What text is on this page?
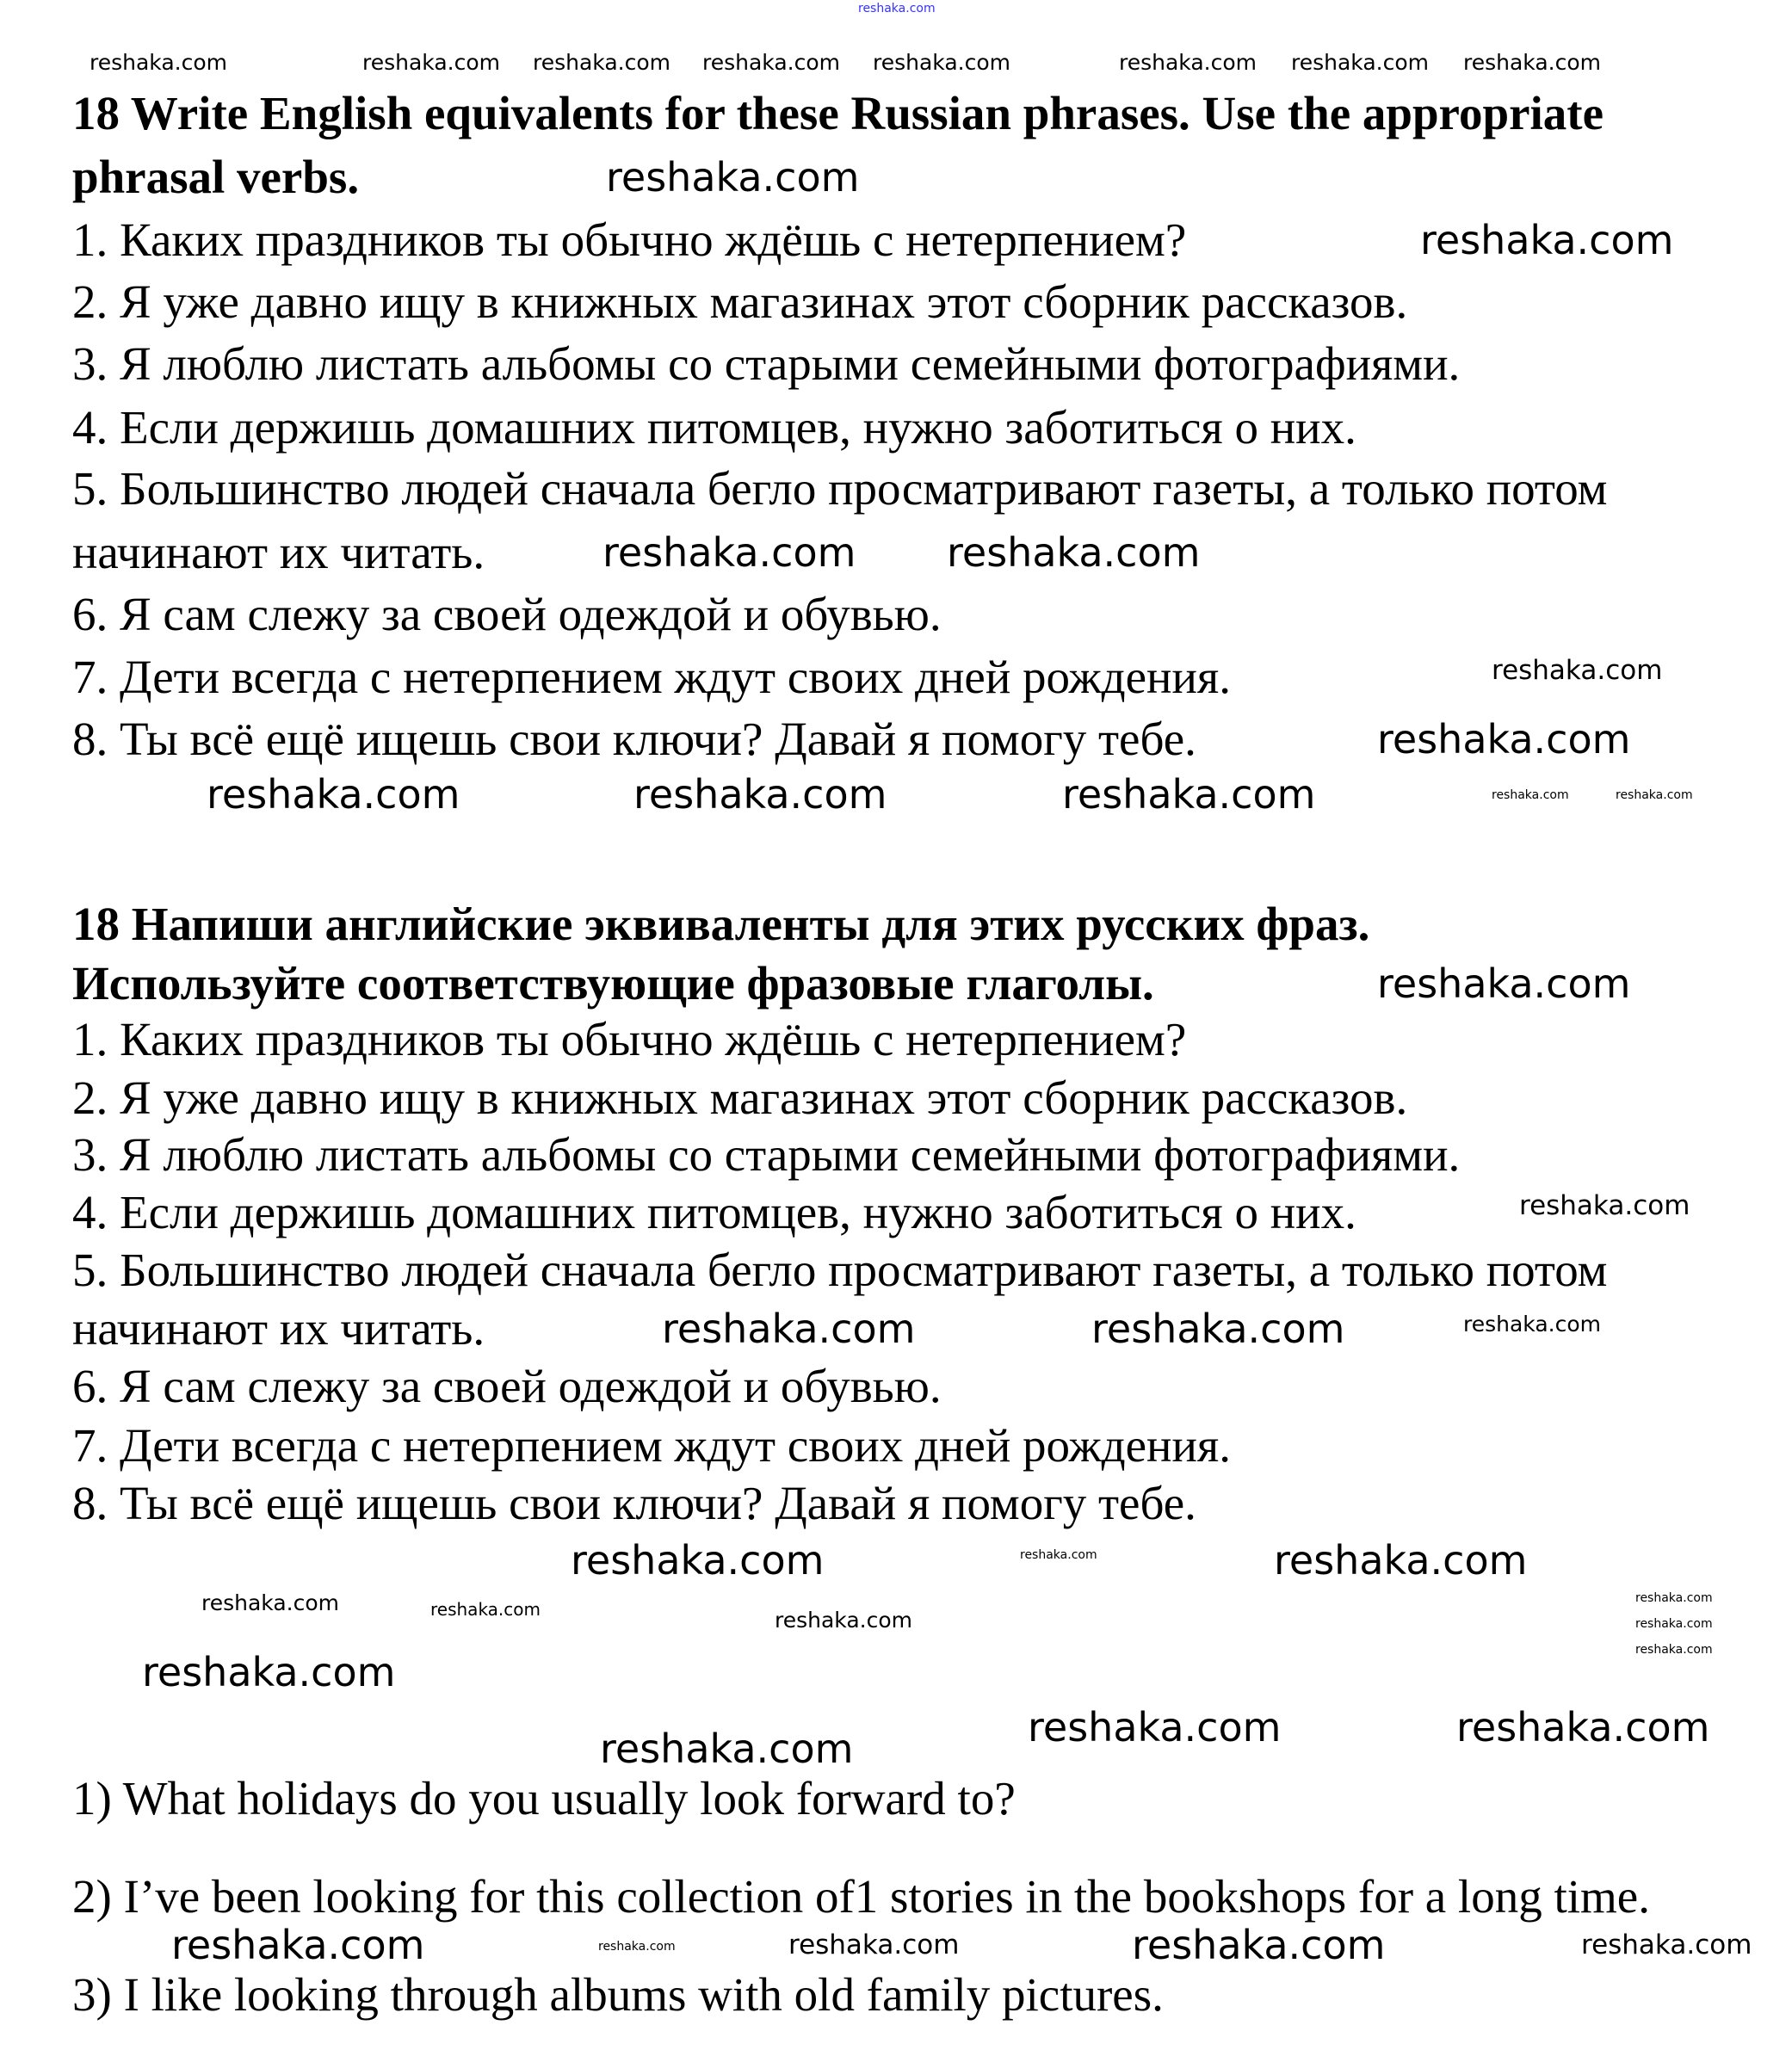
18 Write English equivalents for these Russian phrases. Use the appropriate
phrasal verbs.
1. Каких праздников ты обычно ждёшь с нетерпением?
2. Я уже давно ищу в книжных магазинах этот сборник рассказов.
3. Я люблю листать альбомы со старыми семейными фотографиями.
4. Если держишь домашних питомцев, нужно заботиться о них.
5. Большинство людей сначала бегло просматривают газеты, а только потом
начинают их читать.
6. Я сам слежу за своей одеждой и обувью.
7. Дети всегда с нетерпением ждут своих дней рождения.
8. Ты всё ещё ищешь свои ключи? Давай я помогу тебе.
18 Напиши английские эквиваленты для этих русских фраз.
Используйте соответствующие фразовые глаголы.
1. Каких праздников ты обычно ждёшь с нетерпением?
2. Я уже давно ищу в книжных магазинах этот сборник рассказов.
3. Я люблю листать альбомы со старыми семейными фотографиями.
4. Если держишь домашних питомцев, нужно заботиться о них.
5. Большинство людей сначала бегло просматривают газеты, а только потом
начинают их читать.
6. Я сам слежу за своей одеждой и обувью.
7. Дети всегда с нетерпением ждут своих дней рождения.
8. Ты всё ещё ищешь свои ключи? Давай я помогу тебе.
1) What holidays do you usually look forward to?
2) I’ve been looking for this collection of1 stories in the bookshops for a long time.
3) I like looking through albums with old family pictures.
reshaka.com
reshaka.com
reshaka.com
reshaka.com reshaka.com
reshaka.com
reshaka.com	reshaka.com	reshaka.com
reshaka.com
reshaka.com	reshaka.com
reshaka.com	reshaka.com
reshaka.com
reshaka.com	reshaka.com
reshaka.com
reshaka.com	reshaka.com
reshaka.com
reshaka.com
reshaka.com	reshaka.com
reshaka.com	reshaka.com reshaka.com reshaka.com reshaka.com	reshaka.com reshaka.com reshaka.com
reshaka.com
reshaka.com
reshaka.com	reshaka.com
reshaka.com	reshaka.com
reshaka.com
reshaka.com
reshaka.com
reshaka.com
reshaka.com
